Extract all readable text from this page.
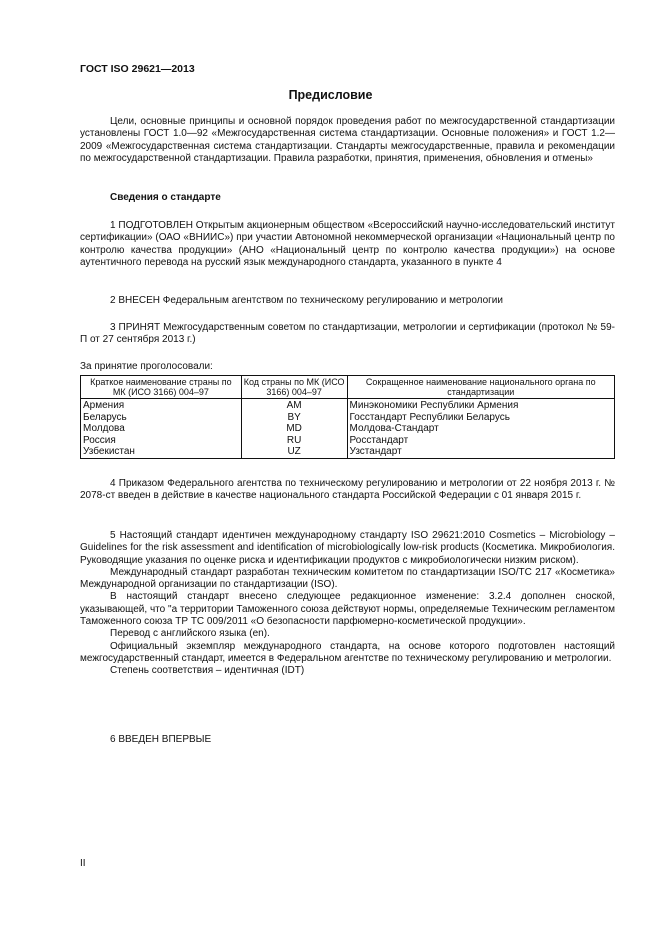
ГОСТ ISO 29621—2013
Предисловие

Цели, основные принципы и основной порядок проведения работ по межгосударственной стандартизации установлены ГОСТ 1.0—92 «Межгосударственная система стандартизации. Основные положения» и ГОСТ 1.2—2009 «Межгосударственная система стандартизации. Стандарты межгосударственные, правила и рекомендации по межгосударственной стандартизации. Правила разработки, принятия, применения, обновления и отмены»

Сведения о стандарте

1 ПОДГОТОВЛЕН Открытым акционерным обществом «Всероссийский научно-исследовательский институт сертификации» (ОАО «ВНИИС») при участии Автономной некоммерческой организации «Национальный центр по контролю качества продукции» (АНО «Национальный центр по контролю качества продукции») на основе аутентичного перевода на русский язык международного стандарта, указанного в пункте 4

2 ВНЕСЕН Федеральным агентством по техническому регулированию и метрологии

3 ПРИНЯТ Межгосударственным советом по стандартизации, метрологии и сертификации (протокол № 59-П от 27 сентября 2013 г.)

За принятие проголосовали:

Краткое наименование страны по МК (ИСО 3166) 004–97	Код страны по МК (ИСО 3166) 004–97	Сокращенное наименование национального органа по стандартизации
Армения	AM	Минэкономики Республики Армения
Беларусь	BY	Госстандарт Республики Беларусь
Молдова	MD	Молдова-Стандарт
Россия	RU	Росстандарт
Узбекистан	UZ	Узстандарт

4 Приказом Федерального агентства по техническому регулированию и метрологии от 22 ноября 2013 г. № 2078-ст введен в действие в качестве национального стандарта Российской Федерации с 01 января 2015 г.

5 Настоящий стандарт идентичен международному стандарту ISO 29621:2010 Cosmetics – Microbiology – Guidelines for the risk assessment and identification of microbiologically low-risk products (Косметика. Микробиология. Руководящие указания по оценке риска и идентификации продуктов с микробиологически низким риском).

Международный стандарт разработан техническим комитетом по стандартизации ISO/TC 217 «Косметика» Международной организации по стандартизации (ISO).

В настоящий стандарт внесено следующее редакционное изменение: 3.2.4 дополнен сноской, указывающей, что "а территории Таможенного союза действуют нормы, определяемые Техническим регламентом Таможенного союза ТР ТС 009/2011 «О безопасности парфюмерно-косметической продукции».

Перевод с английского языка (en).

Официальный экземпляр международного стандарта, на основе которого подготовлен настоящий межгосударственный стандарт, имеется в Федеральном агентстве по техническому регулированию и метрологии.

Степень соответствия – идентичная (IDT)

6 ВВЕДЕН ВПЕРВЫЕ

II
